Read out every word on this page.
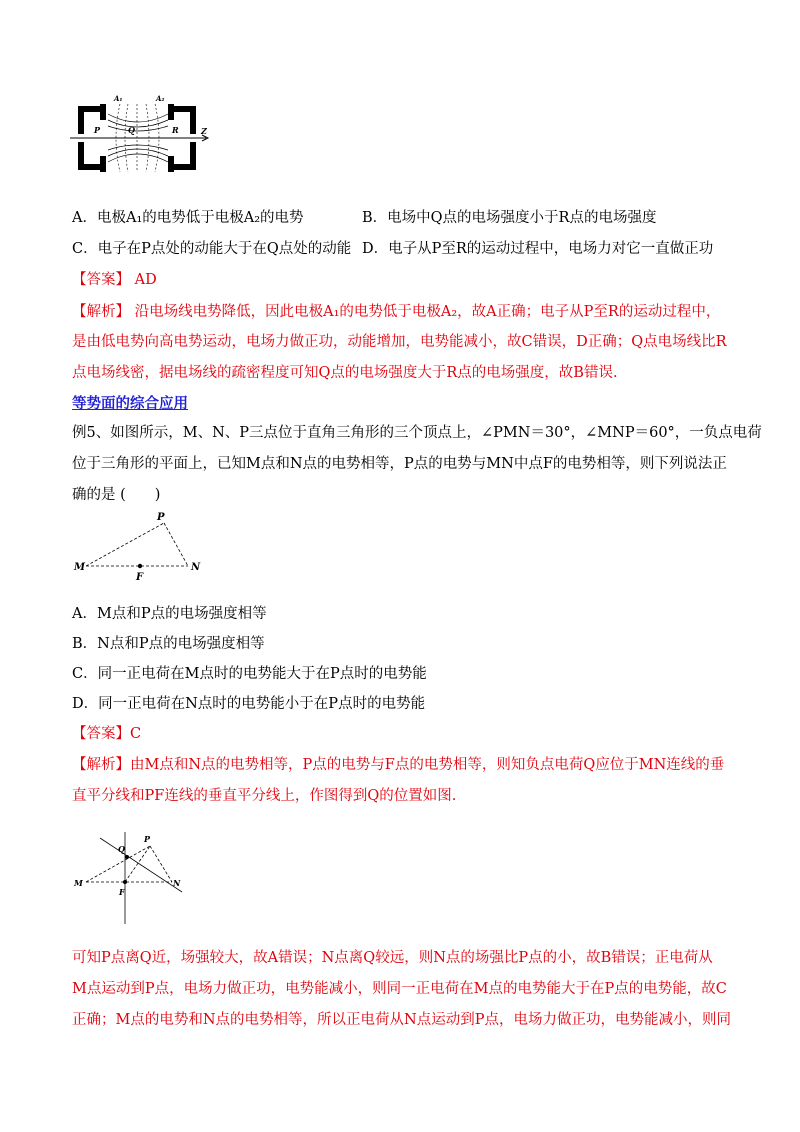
A₁	A₂
P	Q	R	Z
A．电极A₁的电势低于电极A₂的电势	B．电场中Q点的电场强度小于R点的电场强度
C．电子在P点处的动能大于在Q点处的动能 D．电子从P至R的运动过程中，电场力对它一直做正功
【答案】 AD
【解析】 沿电场线电势降低，因此电极A₁的电势低于电极A₂，故A正确；电子从P至R的运动过程中，
是由低电势向高电势运动，电场力做正功，动能增加，电势能减小，故C错误，D正确；Q点电场线比R
点电场线密，据电场线的疏密程度可知Q点的电场强度大于R点的电场强度，故B错误.
等势面的综合应用
例5、如图所示，M、N、P三点位于直角三角形的三个顶点上，∠PMN＝30°，∠MNP＝60°，一负点电荷
位于三角形的平面上，已知M点和N点的电势相等，P点的电势与MN中点F的电势相等，则下列说法正
确的是 (　　)
M	N
P
F
A．M点和P点的电场强度相等
B．N点和P点的电场强度相等
C．同一正电荷在M点时的电势能大于在P点时的电势能
D．同一正电荷在N点时的电势能小于在P点时的电势能
【答案】C
【解析】由M点和N点的电势相等，P点的电势与F点的电势相等，则知负点电荷Q应位于MN连线的垂
直平分线和PF连线的垂直平分线上，作图得到Q的位置如图.
M	N
P
F
Q
可知P点离Q近，场强较大，故A错误；N点离Q较远，则N点的场强比P点的小，故B错误；正电荷从
M点运动到P点，电场力做正功，电势能减小，则同一正电荷在M点的电势能大于在P点的电势能，故C
正确；M点的电势和N点的电势相等，所以正电荷从N点运动到P点，电场力做正功，电势能减小，则同
